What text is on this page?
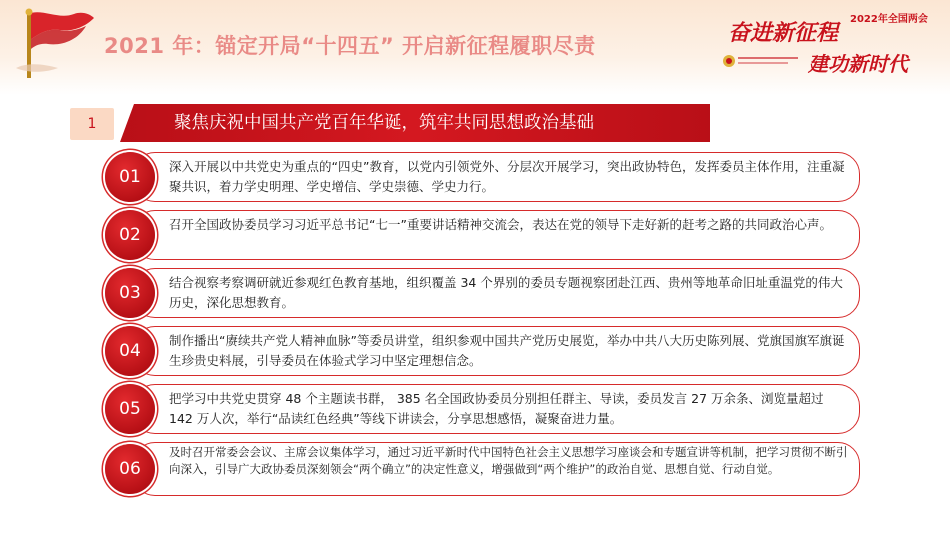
2021 年：锚定开局“十四五” 开启新征程履职尽责	奋进新征程
2022年全国两会
建功新时代
1	聚焦庆祝中国共产党百年华诞，筑牢共同思想政治基础
01
深入开展以中共党史为重点的“四史”教育，以党内引领党外、分层次开展学习，突出政协特色，发挥委员主体作用，注重凝聚共识，着力学史明理、学史增信、学史崇德、学史力行。
02
召开全国政协委员学习习近平总书记“七一”重要讲话精神交流会，表达在党的领导下走好新的赶考之路的共同政治心声。
03
结合视察考察调研就近参观红色教育基地，组织覆盖 34 个界别的委员专题视察团赴江西、贵州等地革命旧址重温党的伟大历史，深化思想教育。
04
制作播出“赓续共产党人精神血脉”等委员讲堂，组织参观中国共产党历史展览，举办中共八大历史陈列展、党旗国旗军旗诞生珍贵史料展，引导委员在体验式学习中坚定理想信念。
05
把学习中共党史贯穿 48 个主题读书群， 385 名全国政协委员分别担任群主、导读，委员发言 27 万余条、浏览量超过 142 万人次，举行“品读红色经典”等线下讲读会，分享思想感悟，凝聚奋进力量。
06
及时召开常委会会议、主席会议集体学习，通过习近平新时代中国特色社会主义思想学习座谈会和专题宣讲等机制，把学习贯彻不断引向深入，引导广大政协委员深刻领会“两个确立”的决定性意义，增强做到“两个维护”的政治自觉、思想自觉、行动自觉。
